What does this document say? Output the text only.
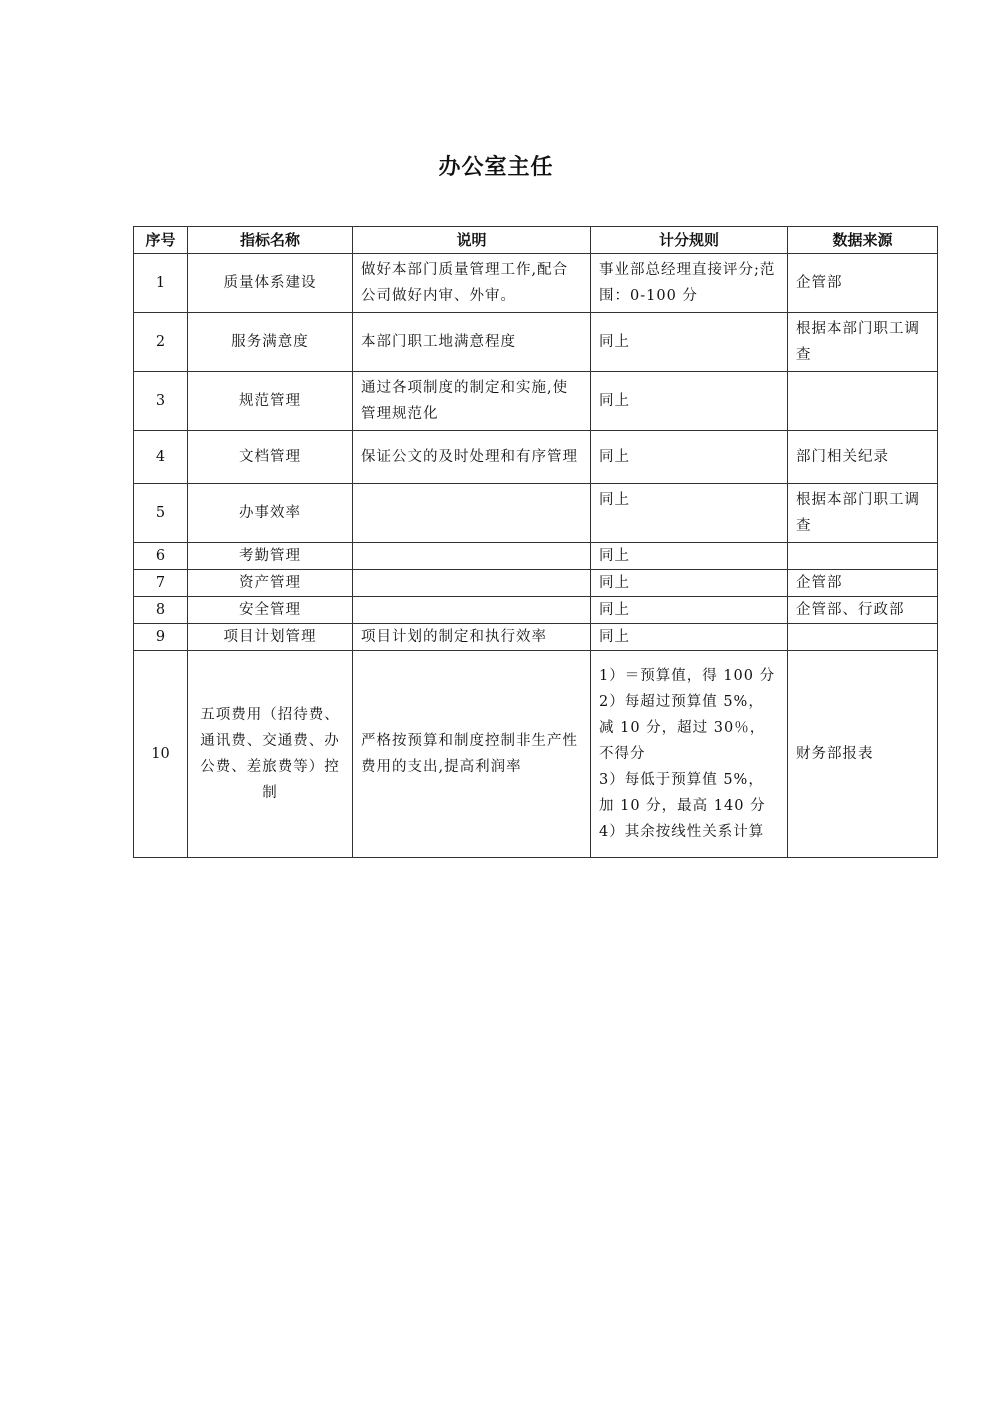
办公室主任
序号	指标名称	说明	计分规则	数据来源
1	质量体系建设	做好本部门质量管理工作,配合公司做好内审、外审。	事业部总经理直接评分;范围：0-100 分	企管部
2	服务满意度	本部门职工地满意程度	同上	根据本部门职工调查
3	规范管理	通过各项制度的制定和实施,使管理规范化	同上	
4	文档管理	保证公文的及时处理和有序管理	同上	部门相关纪录
5	办事效率		同上	根据本部门职工调查
6	考勤管理		同上	
7	资产管理		同上	企管部
8	安全管理		同上	企管部、行政部
9	项目计划管理	项目计划的制定和执行效率	同上	
10	五项费用（招待费、通讯费、交通费、办公费、差旅费等）控制	严格按预算和制度控制非生产性费用的支出,提高利润率	1）＝预算值，得 100 分
2）每超过预算值 5%，减 10 分，超过 30％，不得分
3）每低于预算值 5%，加 10 分，最高 140 分
4）其余按线性关系计算	财务部报表
